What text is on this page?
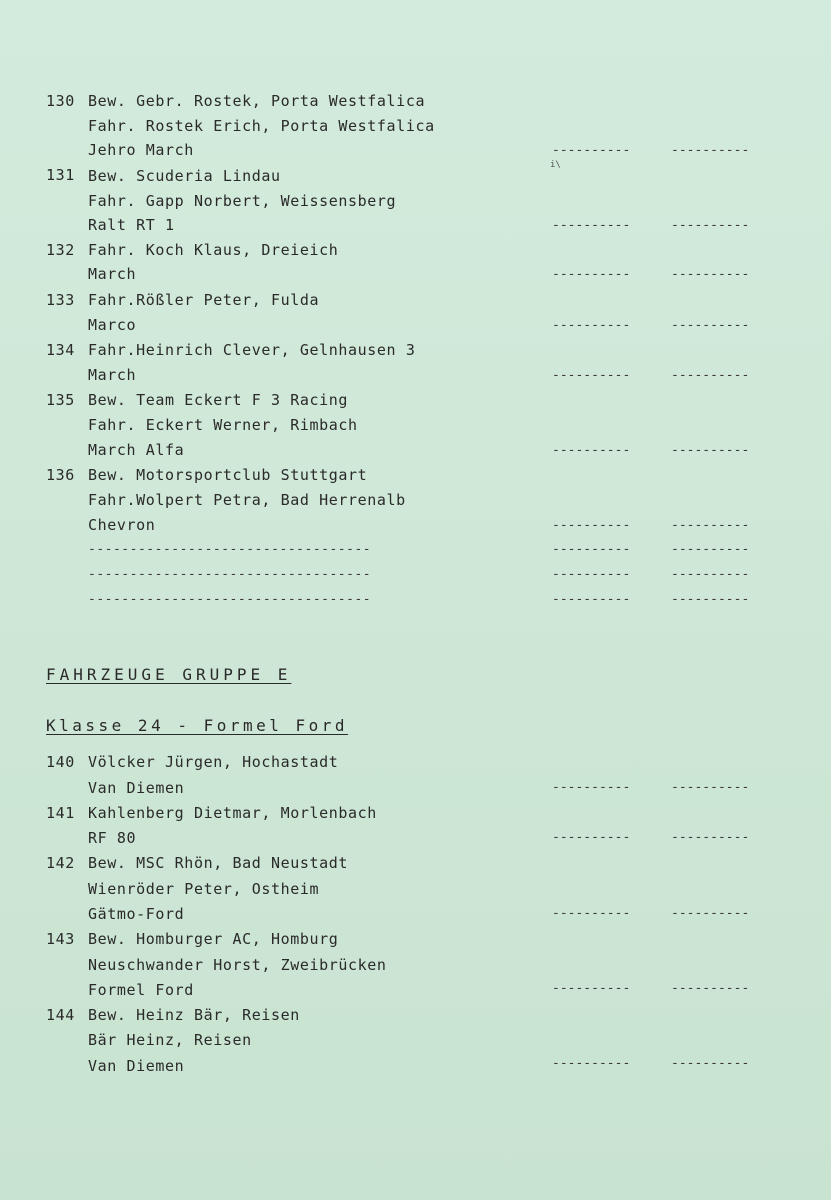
130 Bew. Gebr. Rostek, Porta Westfalica
Fahr. Rostek Erich, Porta Westfalica
Jehro March	----------	----------
i\
131 Bew. Scuderia Lindau
Fahr. Gapp Norbert, Weissensberg
Ralt RT 1	----------	----------
132 Fahr. Koch Klaus, Dreieich
March	----------	----------
133 Fahr.Rößler Peter, Fulda
Marco	----------	----------
134 Fahr.Heinrich Clever, Gelnhausen 3
March	----------	----------
135 Bew. Team Eckert F 3 Racing
Fahr. Eckert Werner, Rimbach
March Alfa	----------	----------
136 Bew. Motorsportclub Stuttgart
Fahr.Wolpert Petra, Bad Herrenalb
Chevron	----------	----------
----------------------------------	----------	----------
----------------------------------	----------	----------
----------------------------------	----------	----------
FAHRZEUGE GRUPPE E
Klasse 24 - Formel Ford
140 Völcker Jürgen, Hochastadt
Van Diemen	----------	----------
141 Kahlenberg Dietmar, Morlenbach
RF 80	----------	----------
142 Bew. MSC Rhön, Bad Neustadt
Wienröder Peter, Ostheim
Gätmo-Ford	----------	----------
143 Bew. Homburger AC, Homburg
Neuschwander Horst, Zweibrücken
Formel Ford	----------	----------
144 Bew. Heinz Bär, Reisen
Bär Heinz, Reisen
Van Diemen	----------	----------
